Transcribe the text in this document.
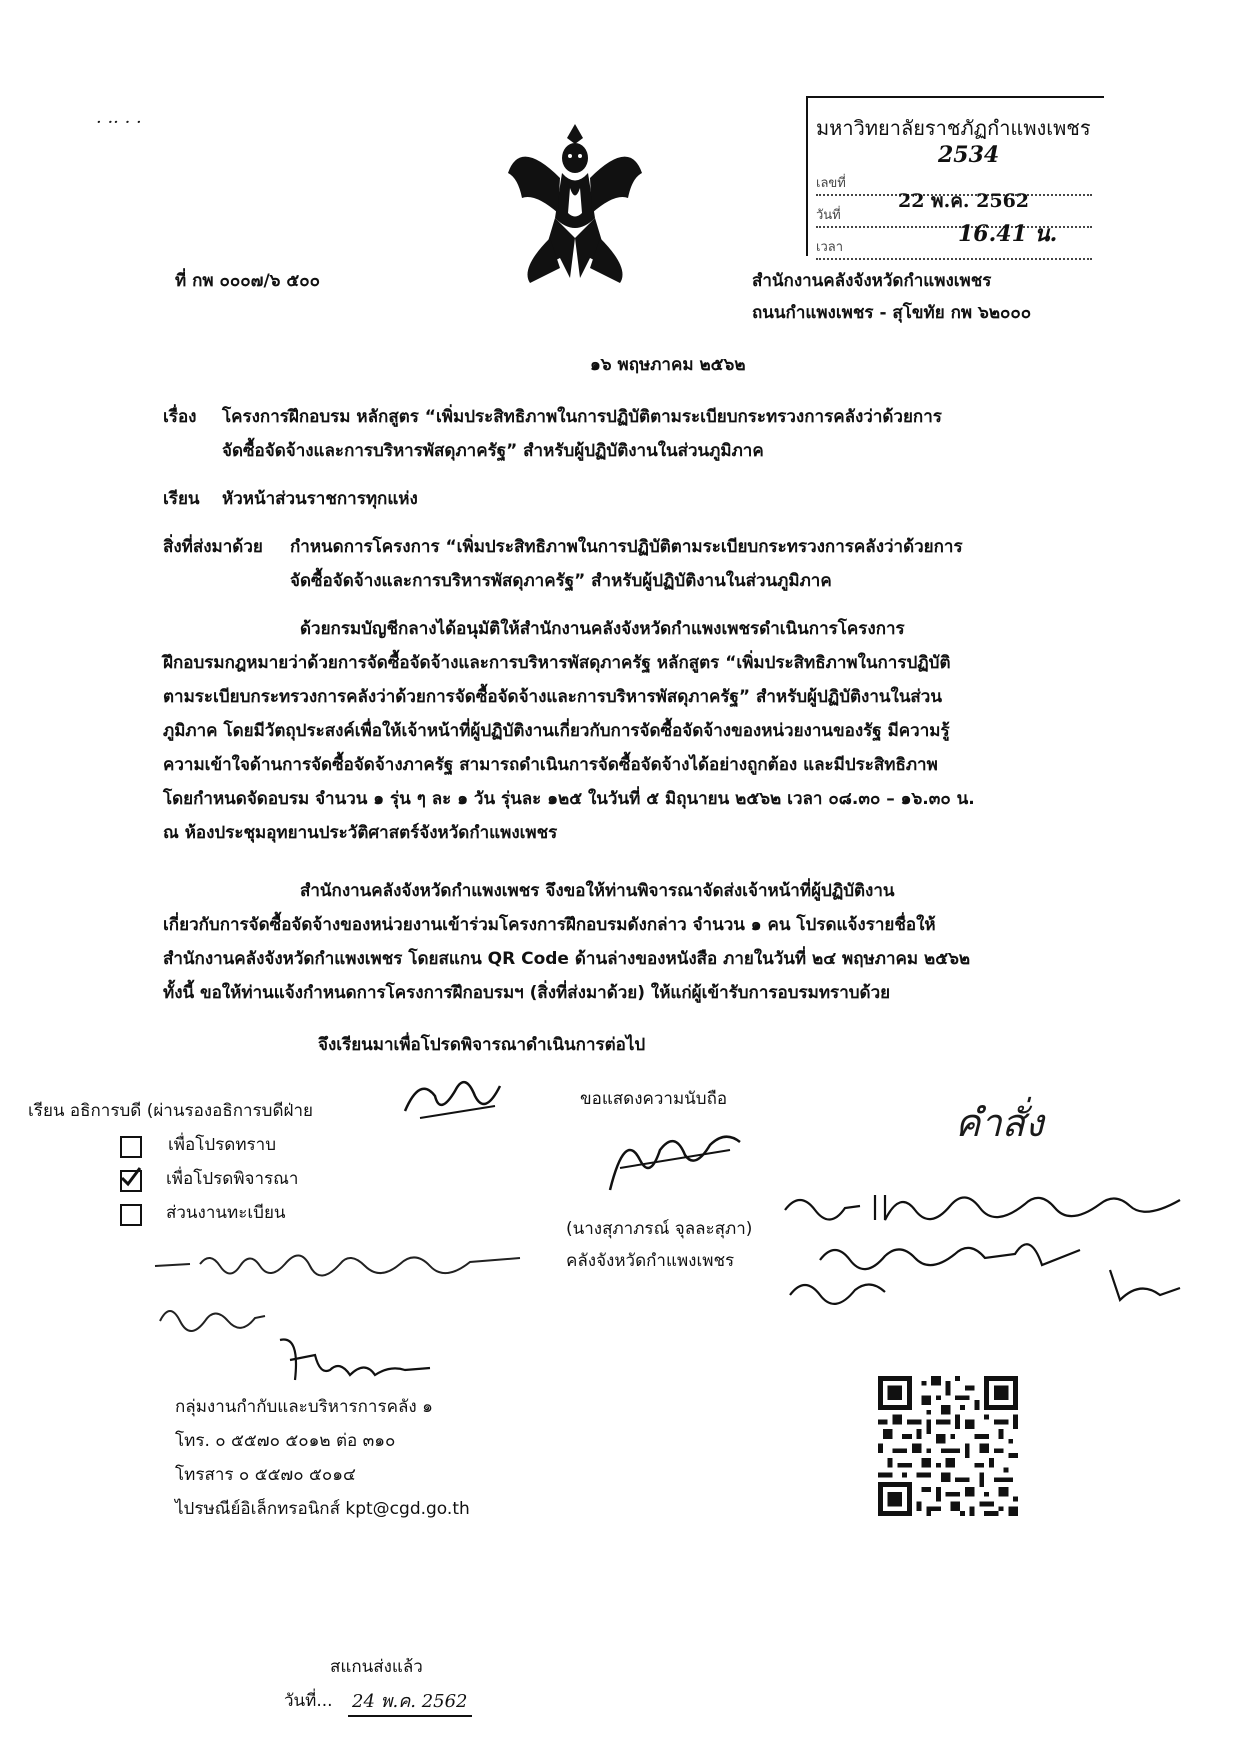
· ·· · ·	มหาวิทยาลัยราชภัฏกำแพงเพชร
เลขที่
2534
วันที่
22 พ.ค. 2562
เวลา
16.41 น.
ที่ กพ ๐๐๐๗/๖ ๕๐๐	สำนักงานคลังจังหวัดกำแพงเพชร
ถนนกำแพงเพชร - สุโขทัย กพ ๖๒๐๐๐
๑๖ พฤษภาคม ๒๕๖๒
เรื่อง โครงการฝึกอบรม หลักสูตร “เพิ่มประสิทธิภาพในการปฏิบัติตามระเบียบกระทรวงการคลังว่าด้วยการ
จัดซื้อจัดจ้างและการบริหารพัสดุภาครัฐ” สำหรับผู้ปฏิบัติงานในส่วนภูมิภาค
เรียน หัวหน้าส่วนราชการทุกแห่ง
สิ่งที่ส่งมาด้วย กำหนดการโครงการ “เพิ่มประสิทธิภาพในการปฏิบัติตามระเบียบกระทรวงการคลังว่าด้วยการ
จัดซื้อจัดจ้างและการบริหารพัสดุภาครัฐ” สำหรับผู้ปฏิบัติงานในส่วนภูมิภาค
ด้วยกรมบัญชีกลางได้อนุมัติให้สำนักงานคลังจังหวัดกำแพงเพชรดำเนินการโครงการ
ฝึกอบรมกฎหมายว่าด้วยการจัดซื้อจัดจ้างและการบริหารพัสดุภาครัฐ หลักสูตร “เพิ่มประสิทธิภาพในการปฏิบัติ
ตามระเบียบกระทรวงการคลังว่าด้วยการจัดซื้อจัดจ้างและการบริหารพัสดุภาครัฐ” สำหรับผู้ปฏิบัติงานในส่วน
ภูมิภาค โดยมีวัตถุประสงค์เพื่อให้เจ้าหน้าที่ผู้ปฏิบัติงานเกี่ยวกับการจัดซื้อจัดจ้างของหน่วยงานของรัฐ มีความรู้
ความเข้าใจด้านการจัดซื้อจัดจ้างภาครัฐ สามารถดำเนินการจัดซื้อจัดจ้างได้อย่างถูกต้อง และมีประสิทธิภาพ
โดยกำหนดจัดอบรม จำนวน ๑ รุ่น ๆ ละ ๑ วัน รุ่นละ ๑๒๕ ในวันที่ ๕ มิถุนายน ๒๕๖๒ เวลา ๐๘.๓๐ – ๑๖.๓๐ น.
ณ ห้องประชุมอุทยานประวัติศาสตร์จังหวัดกำแพงเพชร
สำนักงานคลังจังหวัดกำแพงเพชร จึงขอให้ท่านพิจารณาจัดส่งเจ้าหน้าที่ผู้ปฏิบัติงาน
เกี่ยวกับการจัดซื้อจัดจ้างของหน่วยงานเข้าร่วมโครงการฝึกอบรมดังกล่าว จำนวน ๑ คน โปรดแจ้งรายชื่อให้
สำนักงานคลังจังหวัดกำแพงเพชร โดยสแกน QR Code ด้านล่างของหนังสือ ภายในวันที่ ๒๔ พฤษภาคม ๒๕๖๒
ทั้งนี้ ขอให้ท่านแจ้งกำหนดการโครงการฝึกอบรมฯ (สิ่งที่ส่งมาด้วย) ให้แก่ผู้เข้ารับการอบรมทราบด้วย
จึงเรียนมาเพื่อโปรดพิจารณาดำเนินการต่อไป
เรียน อธิการบดี (ผ่านรองอธิการบดีฝ่าย
เพื่อโปรดทราบ
เพื่อโปรดพิจารณา
ส่วนงานทะเบียน
ขอแสดงความนับถือ
(นางสุภาภรณ์ จุลละสุภา)
คลังจังหวัดกำแพงเพชร
คำสั่ง
กลุ่มงานกำกับและบริหารการคลัง ๑
โทร. ๐ ๕๕๗๐ ๕๐๑๒ ต่อ ๓๑๐
โทรสาร ๐ ๕๕๗๐ ๕๐๑๔
ไปรษณีย์อิเล็กทรอนิกส์ kpt@cgd.go.th
สแกนส่งแล้ว
วันที่... 24 พ.ค. 2562
